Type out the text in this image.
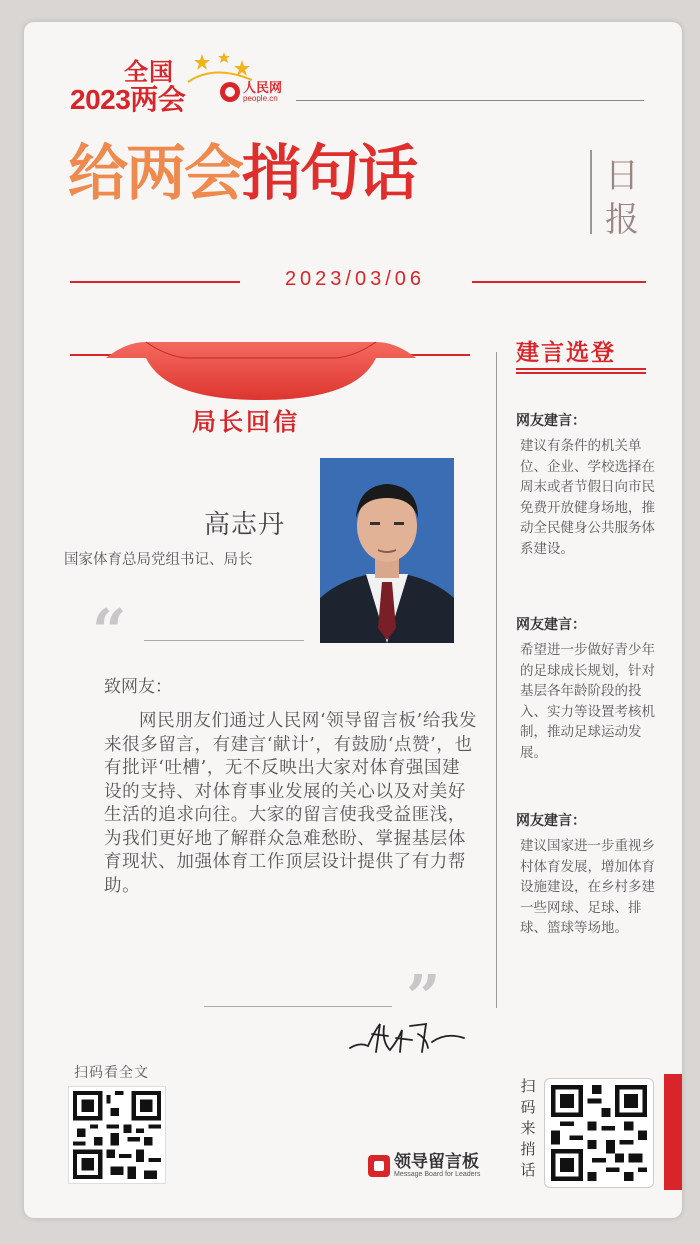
全国
2023两会	人民网
people.cn
给两会捎句话	日报
2023/03/06
局长回信
高志丹
国家体育总局党组书记、局长
“
致网友：
网民朋友们通过人民网‘领导留言板’给我发来很多留言，有建言‘献计’，有鼓励‘点赞’，也有批评‘吐槽’，无不反映出大家对体育强国建设的支持、对体育事业发展的关心以及对美好生活的追求向往。大家的留言使我受益匪浅，为我们更好地了解群众急难愁盼、掌握基层体育现状、加强体育工作顶层设计提供了有力帮助。
”
建言选登
网友建言：
建议有条件的机关单位、企业、学校选择在周末或者节假日向市民免费开放健身场地，推动全民健身公共服务体系建设。
网友建言：
希望进一步做好青少年的足球成长规划，针对基层各年龄阶段的投入、实力等设置考核机制，推动足球运动发展。
网友建言：
建议国家进一步重视乡村体育发展，增加体育设施建设，在乡村多建一些网球、足球、排球、篮球等场地。
扫码看全文
扫码来捎话
领导留言板
Message Board for Leaders
